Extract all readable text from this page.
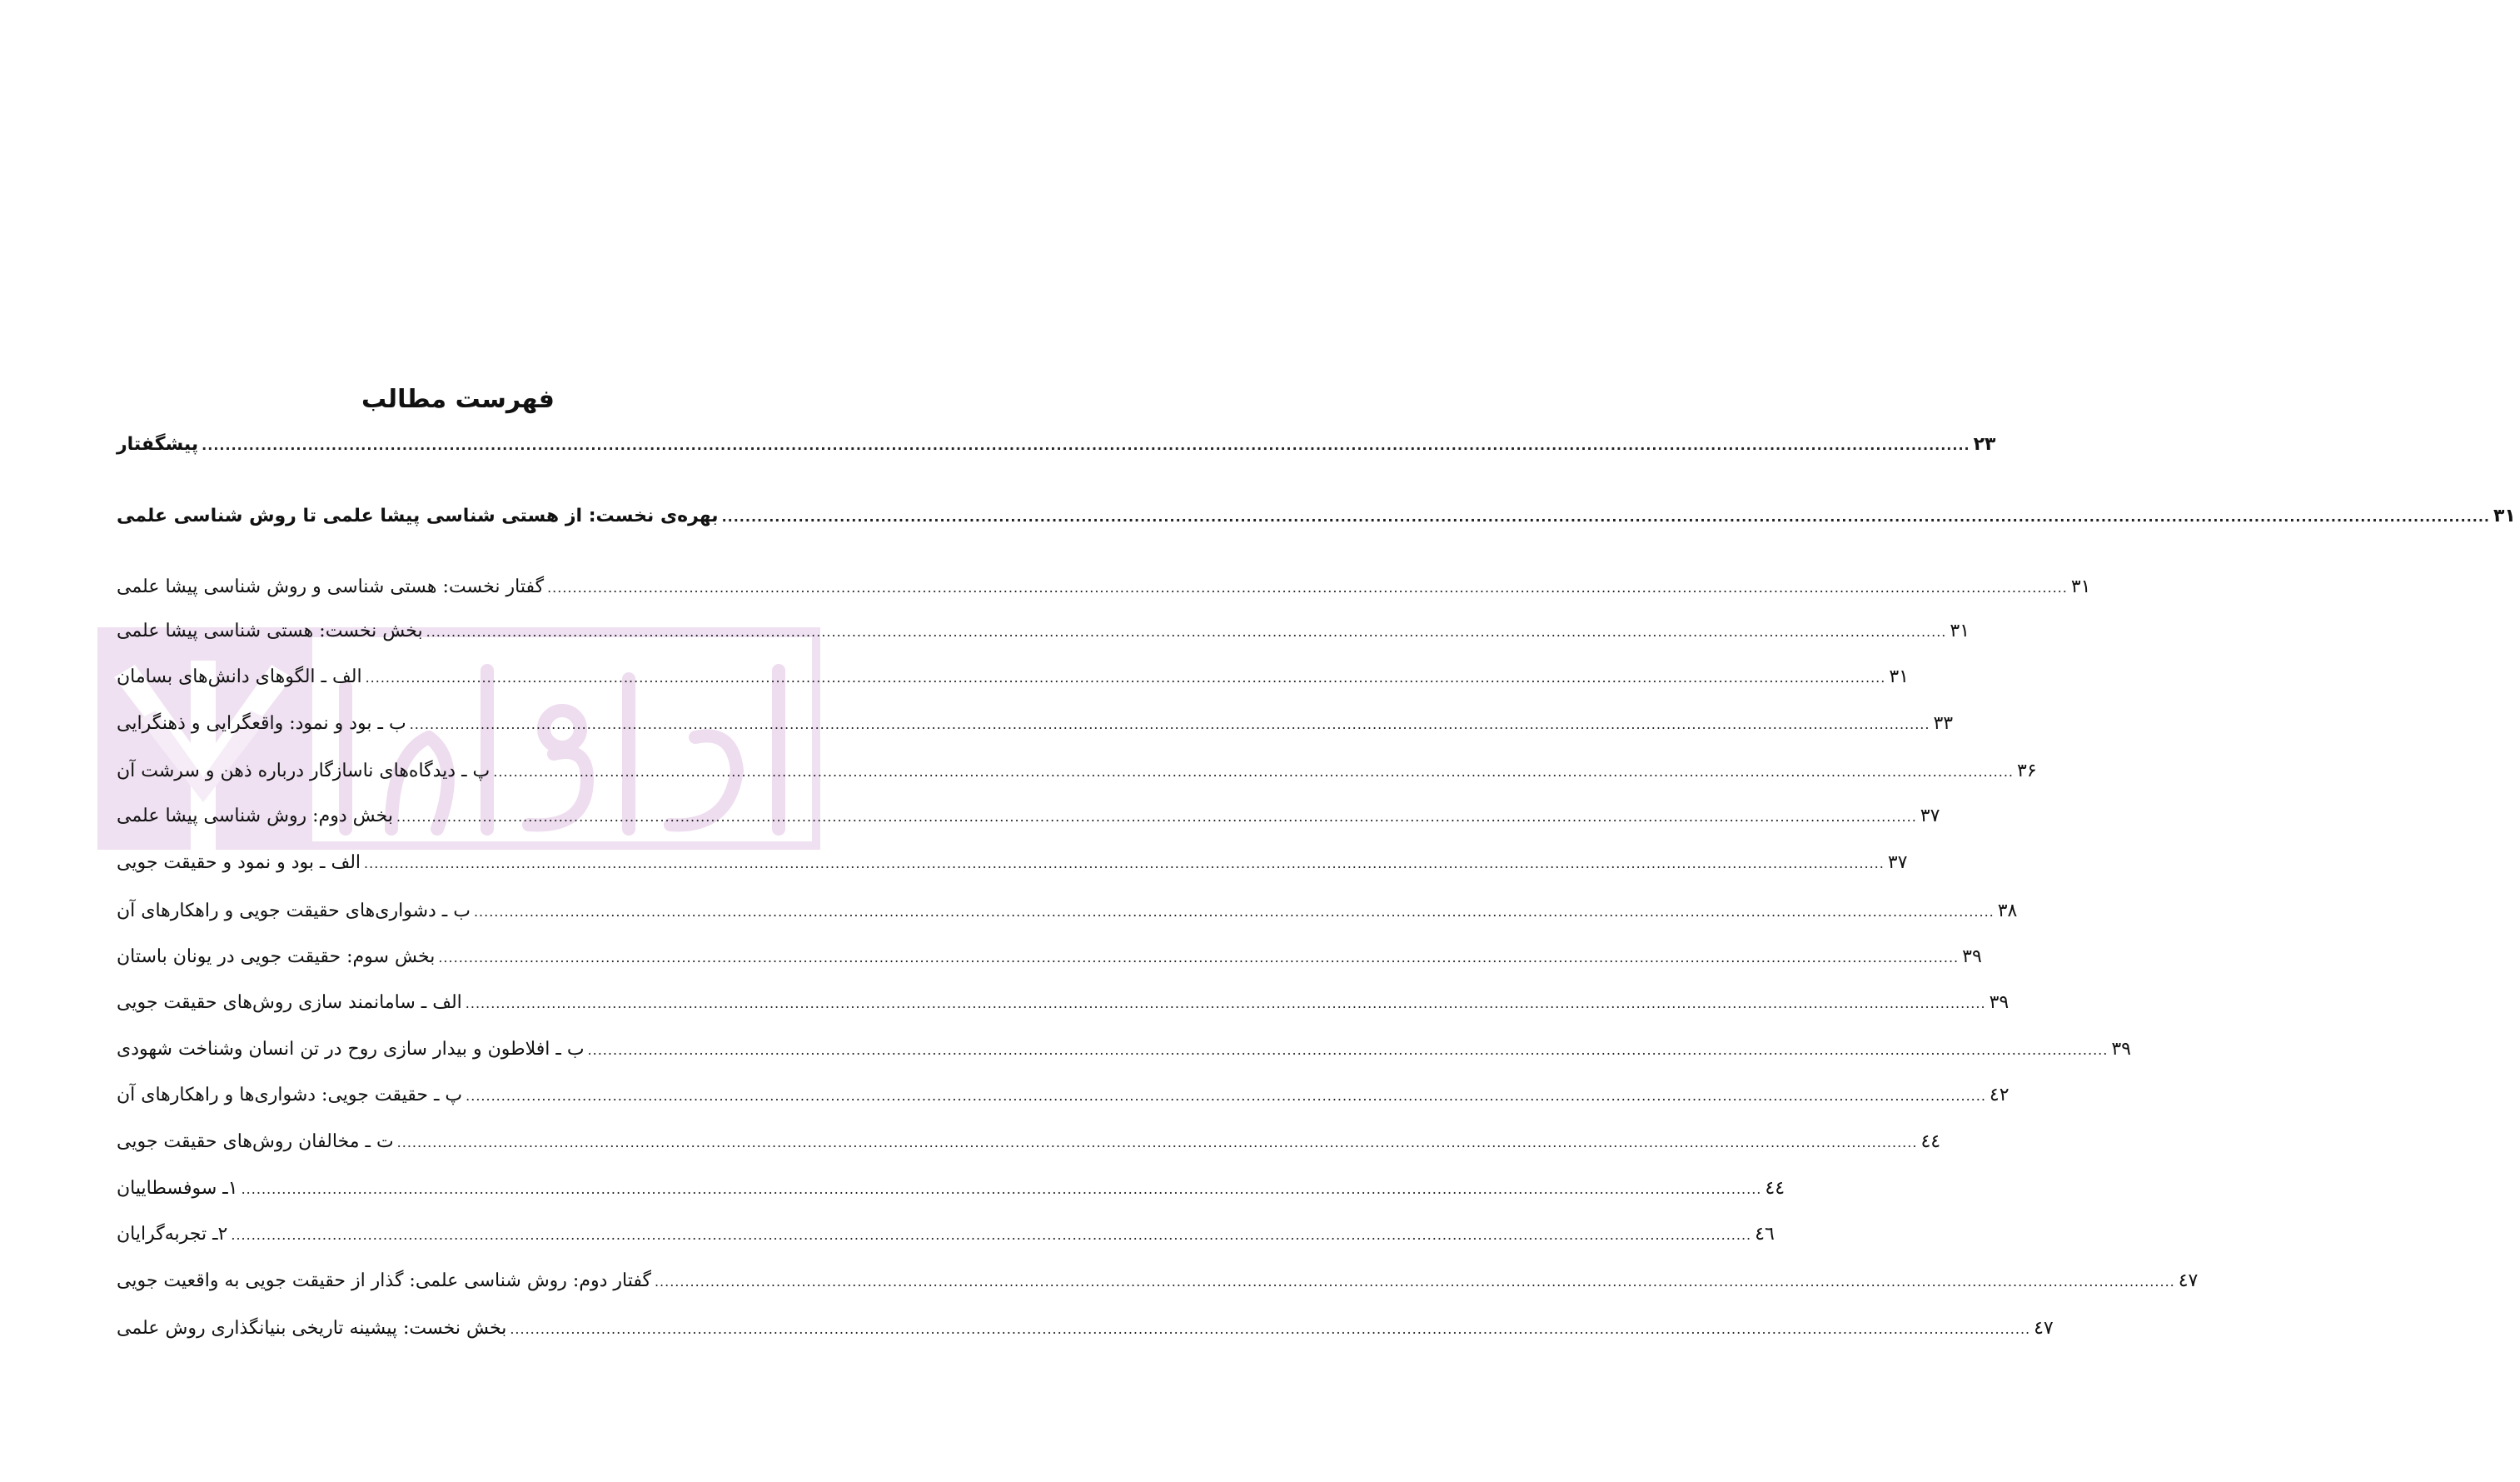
فهرست مطالب
پیشگفتار ............................................................................................................................................................................................................................................................................................................ ۲۳
بهره‌ی نخست: از هستی شناسی پیشا علمی تا روش شناسی علمی ............................................................................................................................................................................................................................................................................................................ ۳۱
گفتار نخست: هستی شناسی و روش شناسی پیشا علمی ............................................................................................................................................................................................................................................................................................................ ۳۱
بخش نخست: هستی شناسی پیشا علمی ............................................................................................................................................................................................................................................................................................................ ۳۱
الف ـ الگوهای دانش‌های بسامان ............................................................................................................................................................................................................................................................................................................ ۳۱
ب ـ بود و نمود: واقعگرایی و ذهنگرایی ............................................................................................................................................................................................................................................................................................................ ۳۳
پ ـ دیدگاه‌های ناسازگار درباره ذهن و سرشت آن ............................................................................................................................................................................................................................................................................................................ ۳۶
بخش دوم: روش شناسی پیشا علمی ............................................................................................................................................................................................................................................................................................................ ۳۷
الف ـ بود و نمود و حقیقت جویی ............................................................................................................................................................................................................................................................................................................ ۳۷
ب ـ دشواری‌های حقیقت جویی و راهکارهای آن ............................................................................................................................................................................................................................................................................................................ ۳۸
بخش سوم: حقیقت جویی در یونان باستان ............................................................................................................................................................................................................................................................................................................ ۳۹
الف ـ سامانمند سازی روش‌های حقیقت جویی ............................................................................................................................................................................................................................................................................................................ ۳۹
ب ـ افلاطون و بیدار سازی روح در تن انسان وشناخت شهودی ............................................................................................................................................................................................................................................................................................................ ۳۹
پ ـ حقیقت جویی: دشواری‌ها و راهکارهای آن ............................................................................................................................................................................................................................................................................................................ ٤٢
ت ـ مخالفان روش‌های حقیقت جویی ............................................................................................................................................................................................................................................................................................................ ٤٤
۱ـ سوفسطاییان ............................................................................................................................................................................................................................................................................................................ ٤٤
۲ـ تجربه‌گرایان ............................................................................................................................................................................................................................................................................................................ ٤٦
گفتار دوم: روش شناسی علمی: گذار از حقیقت جویی به واقعیت جویی ............................................................................................................................................................................................................................................................................................................ ٤٧
بخش نخست: پیشینه تاریخی بنیانگذاری روش علمی ............................................................................................................................................................................................................................................................................................................ ٤٧
